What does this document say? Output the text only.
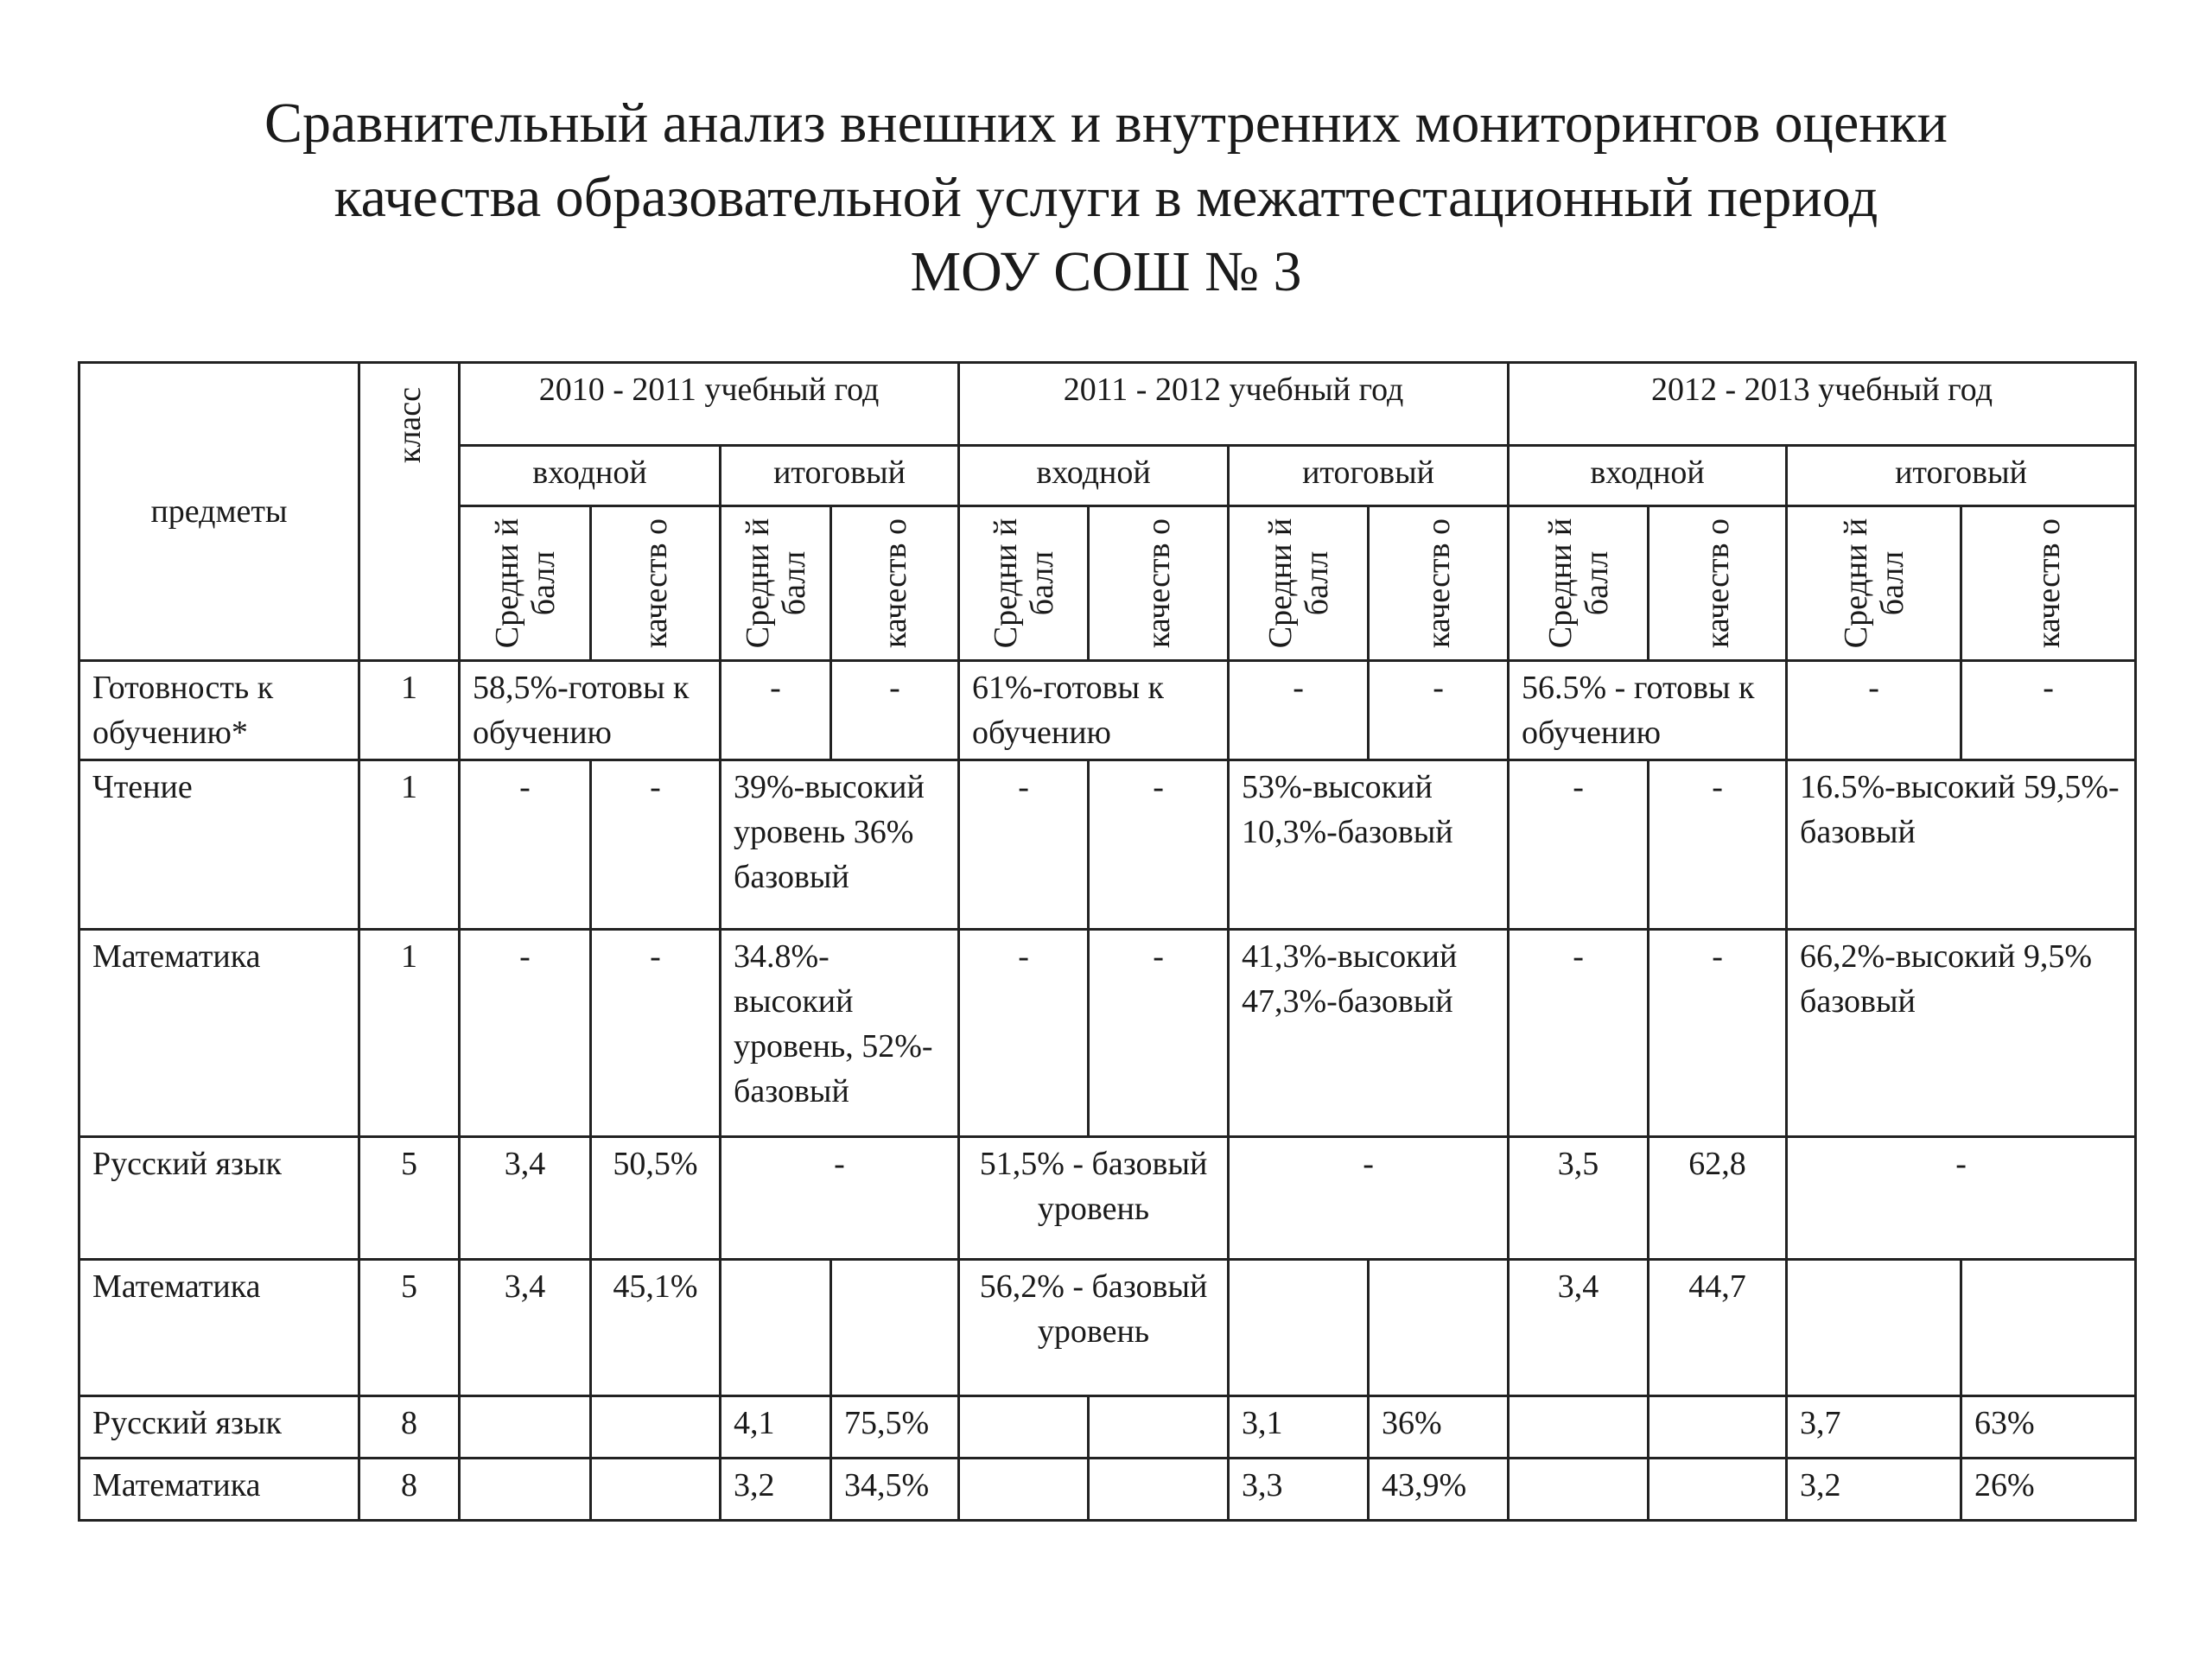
Сравнительный анализ внешних и внутренних мониторингов оценки
качества образовательной услуги в межаттестационный период
МОУ СОШ № 3
предметы	класс	2010 - 2011 учебный год				2011 - 2012 учебный год				2012 - 2013 учебный год			
		входной		итоговый		входной		итоговый		входной		итоговый	

		Средни й балл	качеств о	Средни й балл	качеств о	Средни й балл	качеств о	Средни й балл	качеств о	Средни й балл	качеств о	Средни й балл	качеств о

Готовность к обучению*	1	58,5%-готовы к обучению		-	-	61%-готовы к обучению		-	-	56.5% - готовы к обучению		-	-
Чтение	1	-	-	39%-высокий уровень 36% базовый		-	-	53%-высокий 10,3%-базовый		-	-	16.5%-высокий 59,5%-базовый	
Математика	1	-	-	34.8%-высокий уровень, 52%-базовый		-	-	41,3%-высокий 47,3%-базовый		-	-	66,2%-высокий 9,5% базовый	
Русский язык	5	3,4	50,5%	-		51,5% - базовый уровень		-		3,5	62,8	-	
Математика	5	3,4	45,1%			56,2% - базовый уровень				3,4	44,7		
Русский язык	8			4,1	75,5%			3,1	36%			3,7	63%
Математика	8			3,2	34,5%			3,3	43,9%			3,2	26%
